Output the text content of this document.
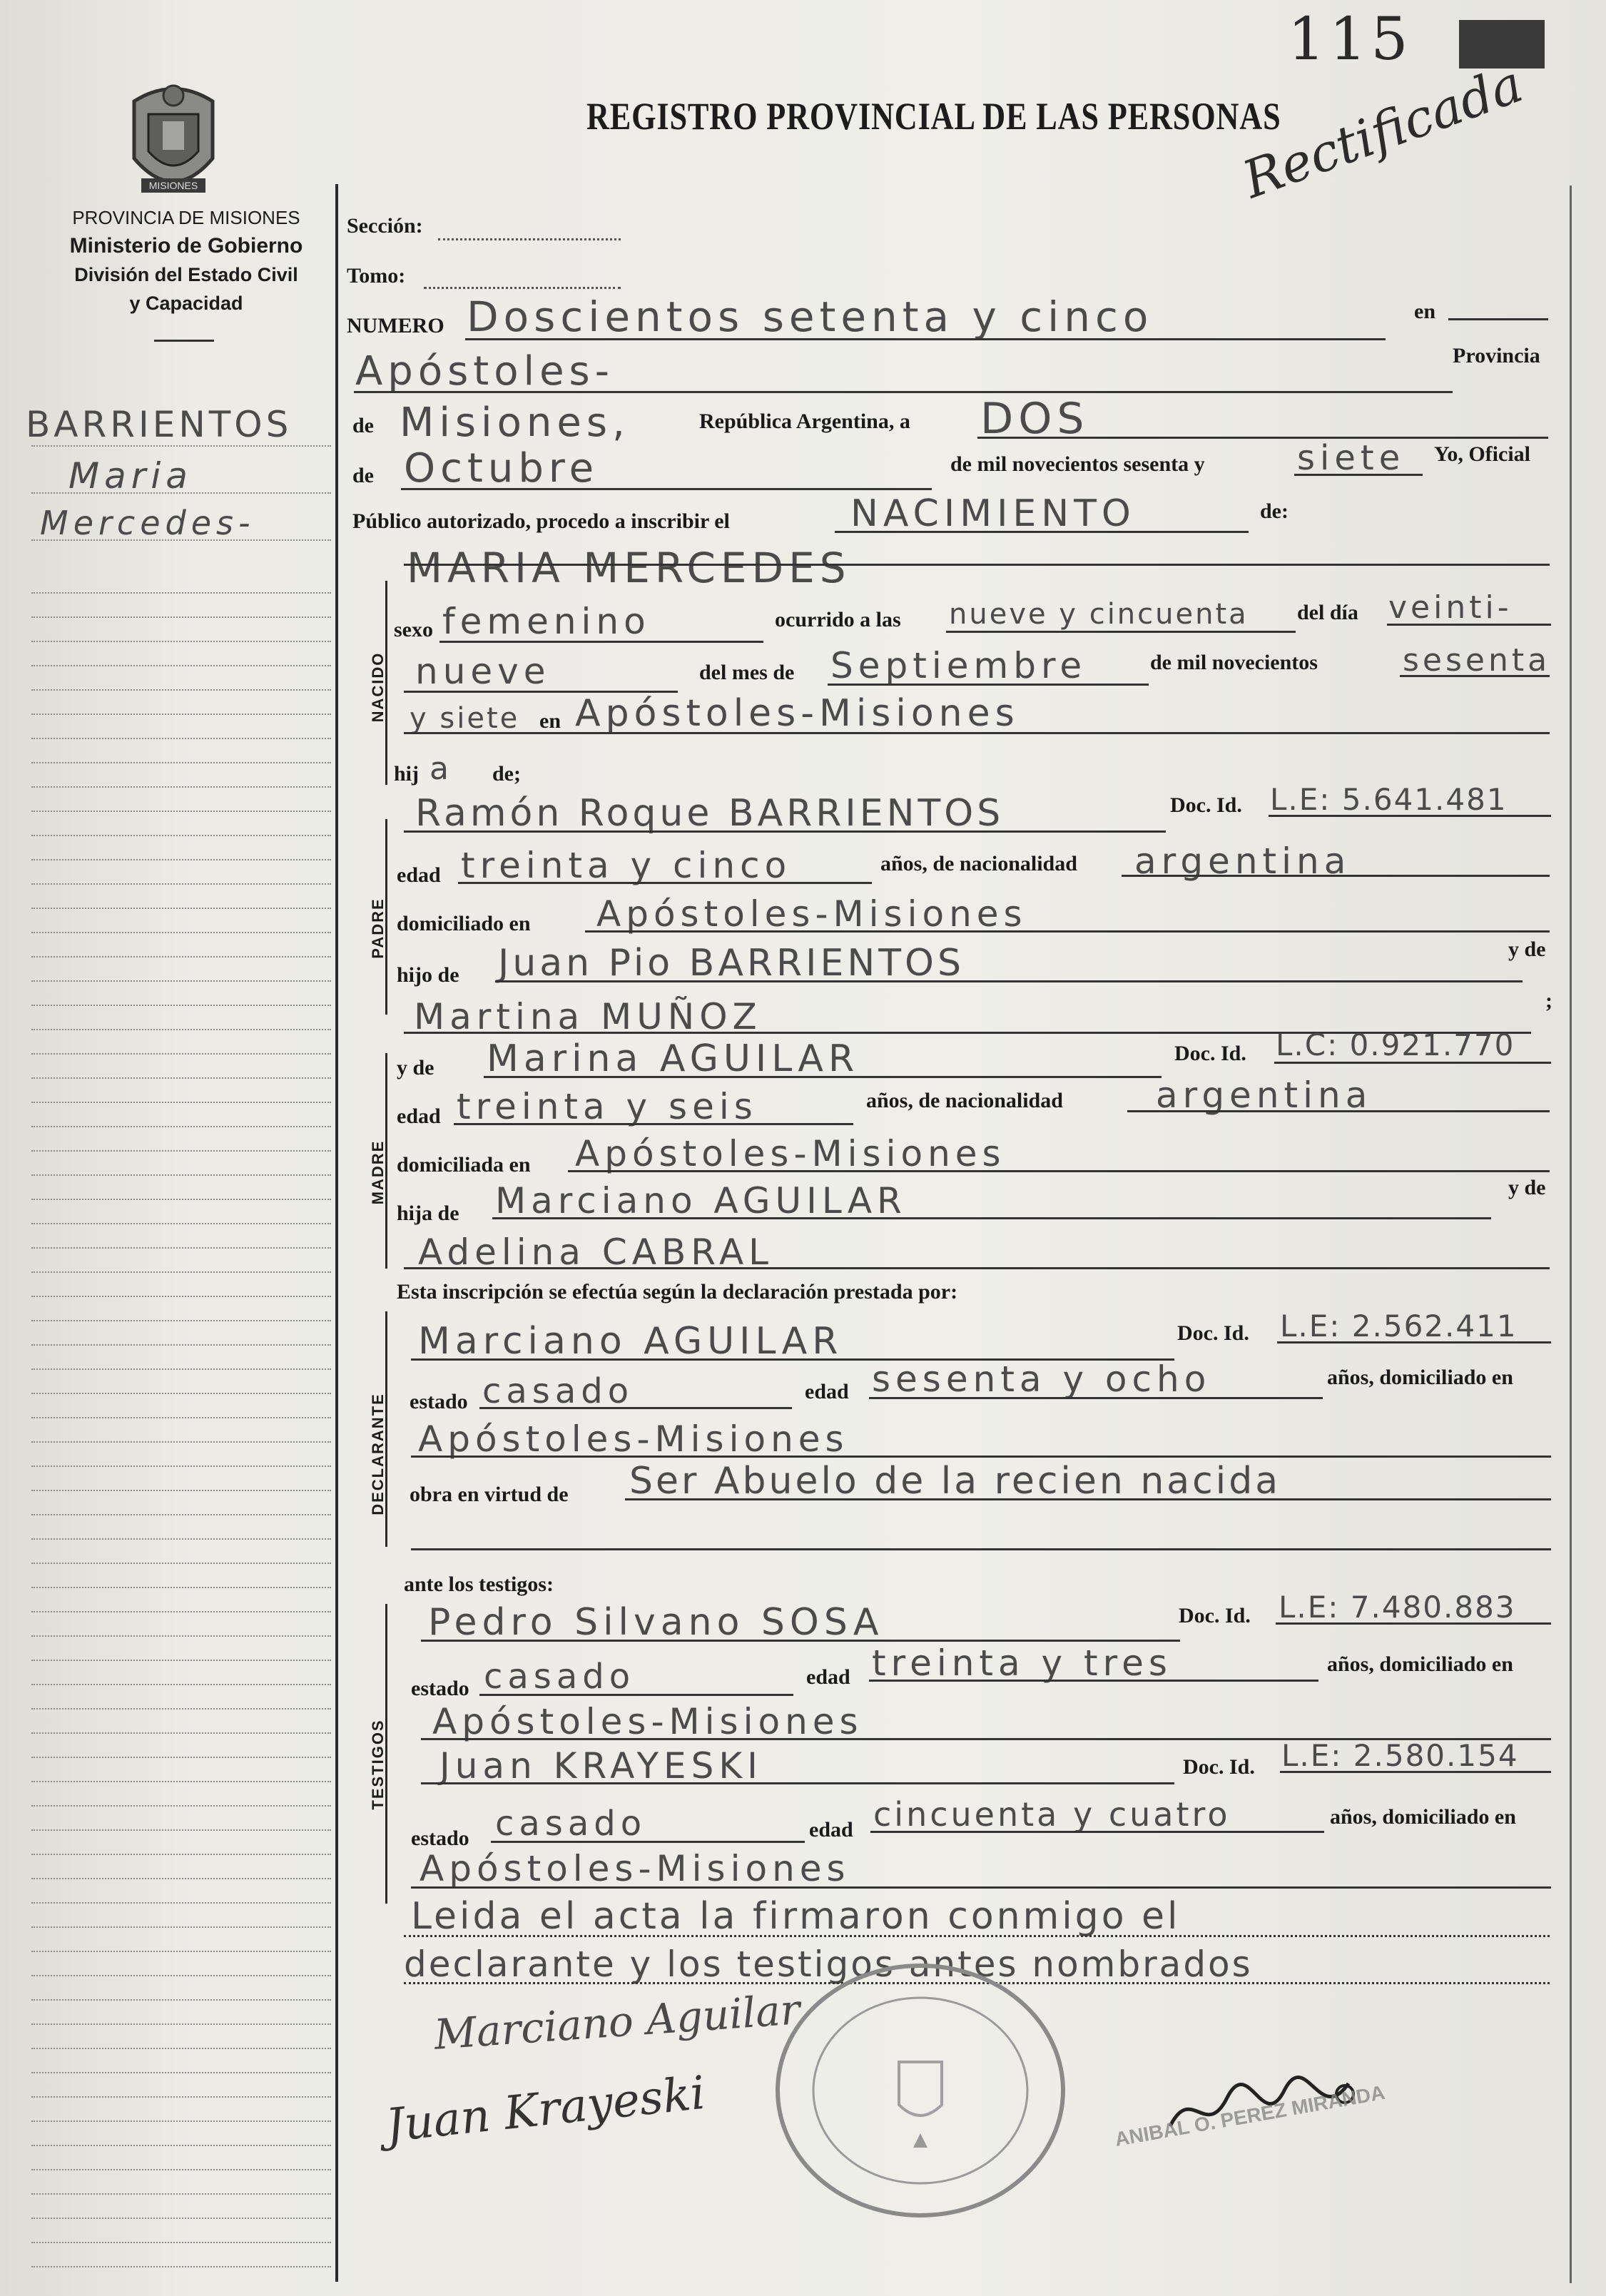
115
Rectificada
REGISTRO PROVINCIAL DE LAS PERSONAS
MISIONES
PROVINCIA DE MISIONES
Ministerio de Gobierno
División del Estado Civil
y Capacidad
BARRIENTOS
Maria
Mercedes-
Sección:
Tomo:
NUMERO Doscientos setenta y cinco	en
Apóstoles-	Provincia
de Misiones,	República Argentina, a DOS
de Octubre	de mil novecientos sesenta y	siete Yo, Oficial
Público autorizado, procedo a inscribir el	NACIMIENTO	de:
MARIA MERCEDES
NACIDO
sexo femenino	ocurrido a las nueve y cincuenta del día veinti-
nueve	del mes de Septiembre	de mil novecientos	sesenta
y siete en Apóstoles-Misiones
hij a de;
PADRE
Ramón Roque BARRIENTOS	Doc. Id. L.E: 5.641.481
edad treinta y cinco	años, de nacionalidad argentina
domiciliado en Apóstoles-Misiones
hijo de Juan Pio BARRIENTOS	y de
Martina MUÑOZ	;
MADRE
y de Marina AGUILAR	Doc. Id. L.C: 0.921.770
edad treinta y seis	años, de nacionalidad	argentina
domiciliada en Apóstoles-Misiones
hija de Marciano AGUILAR	y de
Adelina CABRAL
Esta inscripción se efectúa según la declaración prestada por:
DECLARANTE
Marciano AGUILAR	Doc. Id. L.E: 2.562.411
estado casado	edad sesenta y ocho	años, domiciliado en
Apóstoles-Misiones
obra en virtud de Ser Abuelo de la recien nacida
ante los testigos:
TESTIGOS
Pedro Silvano SOSA	Doc. Id. L.E: 7.480.883
estado casado	edad treinta y tres	años, domiciliado en
Apóstoles-Misiones
Juan KRAYESKI	Doc. Id. L.E: 2.580.154
estado casado	edad cincuenta y cuatro	años, domiciliado en
Apóstoles-Misiones
Leida el acta la firmaron conmigo el
declarante y los testigos antes nombrados
Marciano Aguilar
Juan Krayeski	ANIBAL O. PEREZ MIRANDA
